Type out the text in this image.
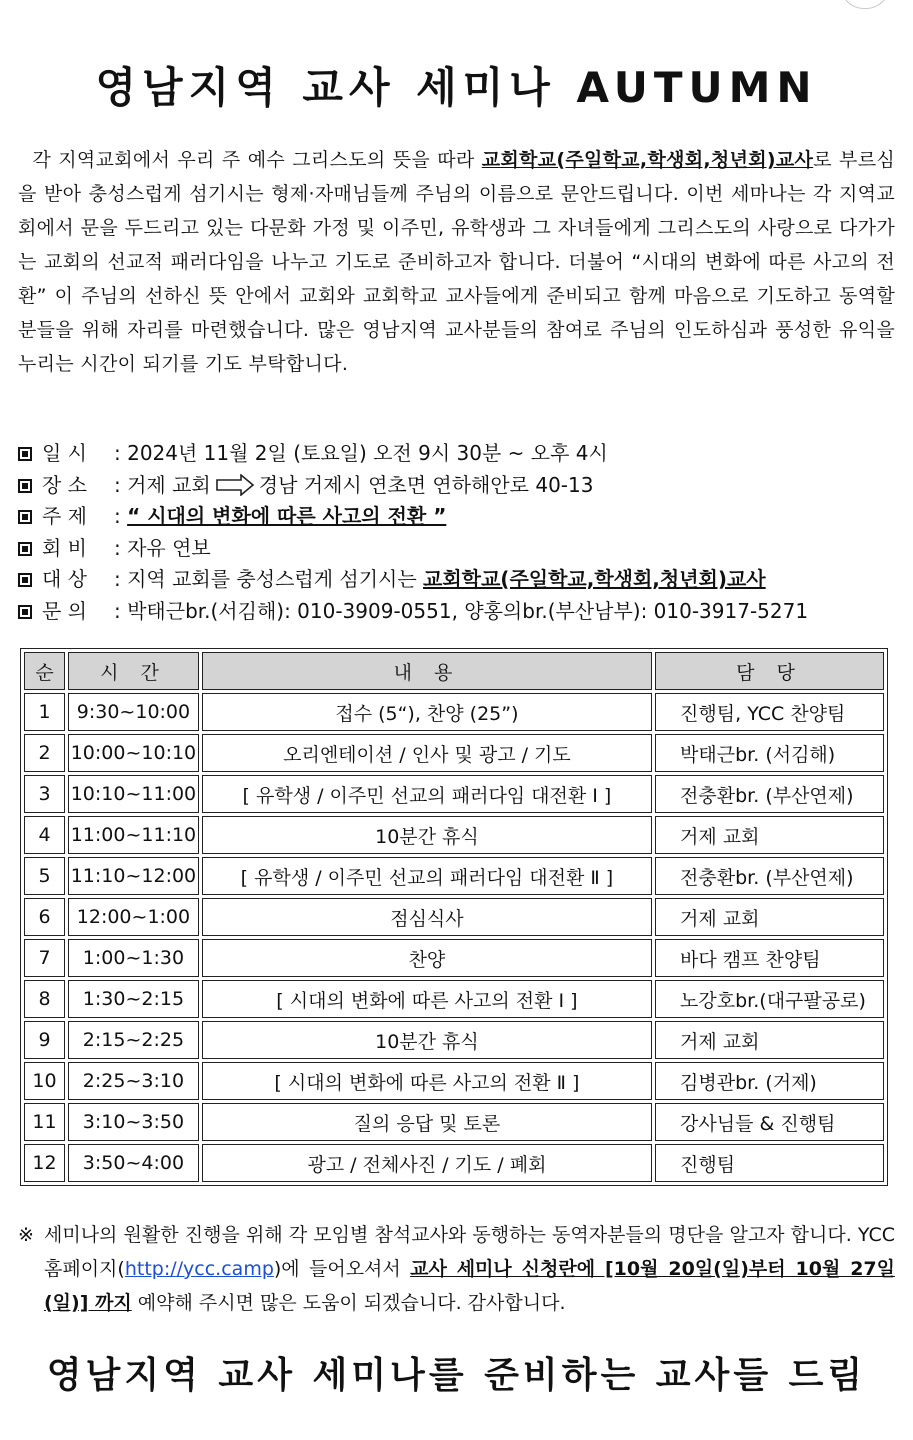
영남지역 교사 세미나 AUTUMN
각 지역교회에서 우리 주 예수 그리스도의 뜻을 따라 교회학교(주일학교,학생회,청년회)교사로 부르심을 받아 충성스럽게 섬기시는 형제·자매님들께 주님의 이름으로 문안드립니다. 이번 세마나는 각 지역교회에서 문을 두드리고 있는 다문화 가정 및 이주민, 유학생과 그 자녀들에게 그리스도의 사랑으로 다가가는 교회의 선교적 패러다임을 나누고 기도로 준비하고자 합니다. 더불어 “시대의 변화에 따른 사고의 전환” 이 주님의 선하신 뜻 안에서 교회와 교회학교 교사들에게 준비되고 함께 마음으로 기도하고 동역할 분들을 위해 자리를 마련했습니다. 많은 영남지역 교사분들의 참여로 주님의 인도하심과 풍성한 유익을 누리는 시간이 되기를 기도 부탁합니다.
일 시 : 2024년 11월 2일 (토요일) 오전 9시 30분 ~ 오후 4시
장 소 : 거제 교회 경남 거제시 연초면 연하해안로 40-13
주 제 : “ 시대의 변화에 따른 사고의 전환 ”
회 비 : 자유 연보
대 상 : 지역 교회를 충성스럽게 섬기시는 교회학교(주일학교,학생회,청년회)교사
문 의 : 박태근br.(서김해): 010-3909-0551, 양홍의br.(부산남부): 010-3917-5271
순	시 간	내 용	담 당
1	9:30~10:00	접수 (5“), 찬양 (25”)	진행팀, YCC 찬양팀
2	10:00~10:10	오리엔테이션 / 인사 및 광고 / 기도	박태근br. (서김해)
3	10:10~11:00	[ 유학생 / 이주민 선교의 패러다임 대전환 Ⅰ ]	전충환br. (부산연제)
4	11:00~11:10	10분간 휴식	거제 교회
5	11:10~12:00	[ 유학생 / 이주민 선교의 패러다임 대전환 Ⅱ ]	전충환br. (부산연제)
6	12:00~1:00	점심식사	거제 교회
7	1:00~1:30	찬양	바다 캠프 찬양팀
8	1:30~2:15	[ 시대의 변화에 따른 사고의 전환 Ⅰ ]	노강호br.(대구팔공로)
9	2:15~2:25	10분간 휴식	거제 교회
10	2:25~3:10	[ 시대의 변화에 따른 사고의 전환 Ⅱ ]	김병관br. (거제)
11	3:10~3:50	질의 응답 및 토론	강사님들 & 진행팀
12	3:50~4:00	광고 / 전체사진 / 기도 / 폐회	진행팀
※ 세미나의 원활한 진행을 위해 각 모임별 참석교사와 동행하는 동역자분들의 명단을 알고자 합니다. YCC 홈페이지(http://ycc.camp)에 들어오셔서 교사 세미나 신청란에 [10월 20일(일)부터 10월 27일(일)] 까지 예약해 주시면 많은 도움이 되겠습니다. 감사합니다.
영남지역 교사 세미나를 준비하는 교사들 드림
